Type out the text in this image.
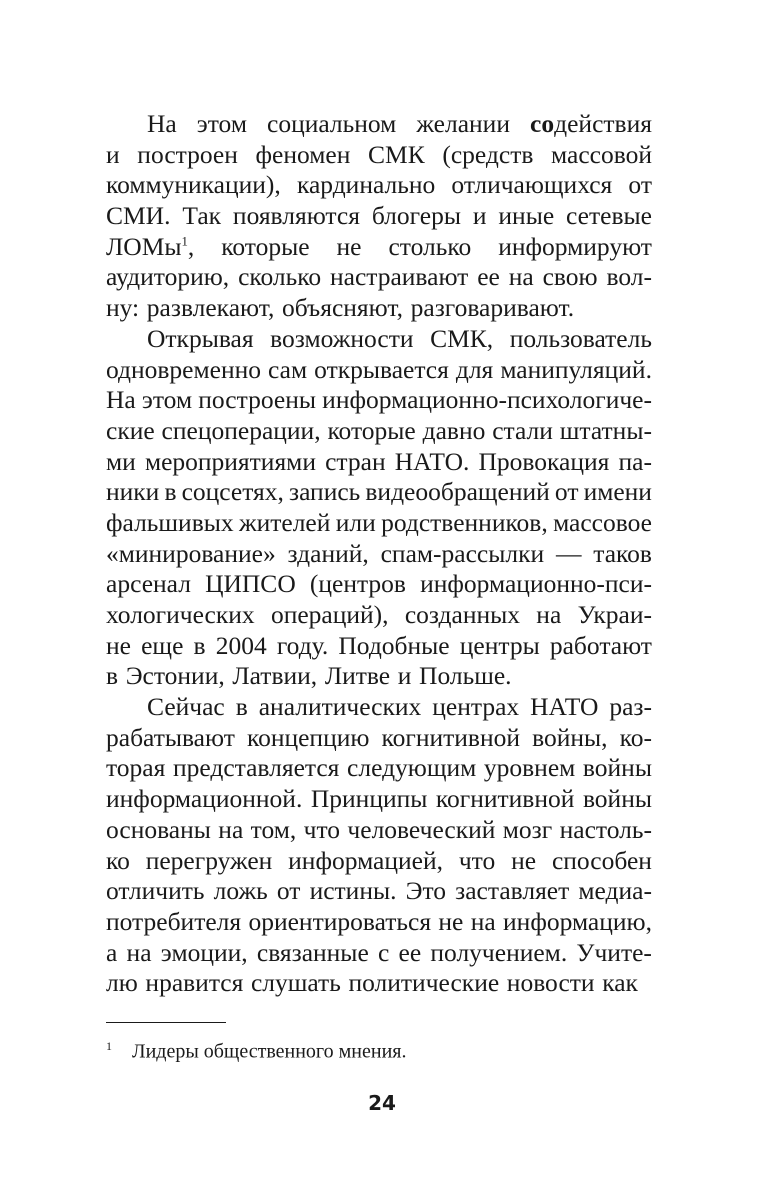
На этом социальном желании содействия
и построен феномен СМК (средств массовой
коммуникации), кардинально отличающихся от
СМИ. Так появляются блогеры и иные сетевые
ЛОМы$^1$, которые не столько информируют
аудиторию, сколько настраивают ее на свою вол-
ну: развлекают, объясняют, разговаривают.
Открывая возможности СМК, пользователь
одновременно сам открывается для манипуляций.
На этом построены информационно-психологиче-
ские спецоперации, которые давно стали штатны-
ми мероприятиями стран НАТО. Провокация па-
ники в соцсетях, запись видеообращений от имени
фальшивых жителей или родственников, массовое
«минирование» зданий, спам-рассылки — таков
арсенал ЦИПСО (центров информационно-пси-
хологических операций), созданных на Украи-
не еще в 2004 году. Подобные центры работают
в Эстонии, Латвии, Литве и Польше.
Сейчас в аналитических центрах НАТО раз-
рабатывают концепцию когнитивной войны, ко-
торая представляется следующим уровнем войны
информационной. Принципы когнитивной войны
основаны на том, что человеческий мозг настоль-
ко перегружен информацией, что не способен
отличить ложь от истины. Это заставляет медиа-
потребителя ориентироваться не на информацию,
а на эмоции, связанные с ее получением. Учите-
лю нравится слушать политические новости как
1 Лидеры общественного мнения.
24
